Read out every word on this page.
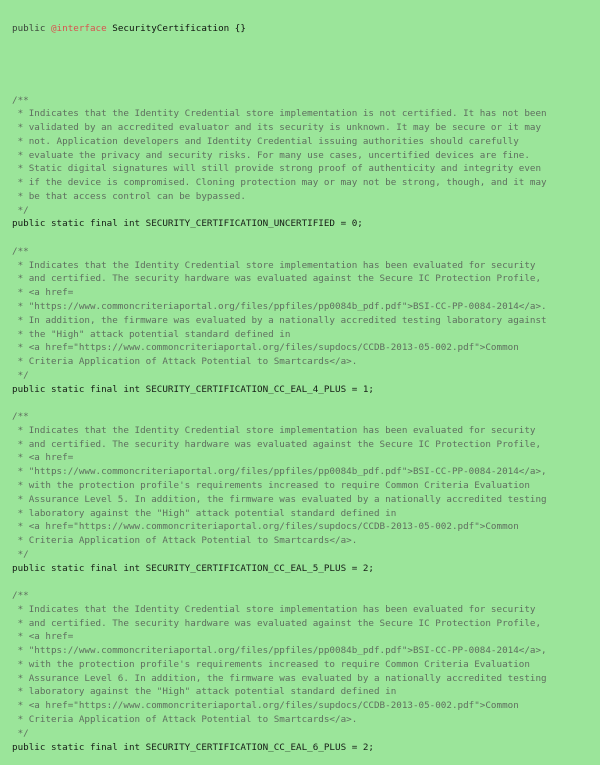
public @interface SecurityCertification {}

/**
* Indicates that the Identity Credential store implementation is not certified. It has not been
* validated by an accredited evaluator and its security is unknown. It may be secure or it may
* not. Application developers and Identity Credential issuing authorities should carefully
* evaluate the privacy and security risks. For many use cases, uncertified devices are fine.
* Static digital signatures will still provide strong proof of authenticity and integrity even
* if the device is compromised. Cloning protection may or may not be strong, though, and it may
* be that access control can be bypassed.
*/
public static final int SECURITY_CERTIFICATION_UNCERTIFIED = 0;
/**
* Indicates that the Identity Credential store implementation has been evaluated for security
* and certified. The security hardware was evaluated against the Secure IC Protection Profile,
* <a href=
* "https://www.commoncriteriaportal.org/files/ppfiles/pp0084b_pdf.pdf">BSI-CC-PP-0084-2014</a>.
* In addition, the firmware was evaluated by a nationally accredited testing laboratory against
* the "High" attack potential standard defined in
* <a href="https://www.commoncriteriaportal.org/files/supdocs/CCDB-2013-05-002.pdf">Common
* Criteria Application of Attack Potential to Smartcards</a>.
*/
public static final int SECURITY_CERTIFICATION_CC_EAL_4_PLUS = 1;
/**
* Indicates that the Identity Credential store implementation has been evaluated for security
* and certified. The security hardware was evaluated against the Secure IC Protection Profile,
* <a href=
* "https://www.commoncriteriaportal.org/files/ppfiles/pp0084b_pdf.pdf">BSI-CC-PP-0084-2014</a>,
* with the protection profile's requirements increased to require Common Criteria Evaluation
* Assurance Level 5. In addition, the firmware was evaluated by a nationally accredited testing
* laboratory against the "High" attack potential standard defined in
* <a href="https://www.commoncriteriaportal.org/files/supdocs/CCDB-2013-05-002.pdf">Common
* Criteria Application of Attack Potential to Smartcards</a>.
*/
public static final int SECURITY_CERTIFICATION_CC_EAL_5_PLUS = 2;
/**
* Indicates that the Identity Credential store implementation has been evaluated for security
* and certified. The security hardware was evaluated against the Secure IC Protection Profile,
* <a href=
* "https://www.commoncriteriaportal.org/files/ppfiles/pp0084b_pdf.pdf">BSI-CC-PP-0084-2014</a>,
* with the protection profile's requirements increased to require Common Criteria Evaluation
* Assurance Level 6. In addition, the firmware was evaluated by a nationally accredited testing
* laboratory against the "High" attack potential standard defined in
* <a href="https://www.commoncriteriaportal.org/files/supdocs/CCDB-2013-05-002.pdf">Common
* Criteria Application of Attack Potential to Smartcards</a>.
*/
public static final int SECURITY_CERTIFICATION_CC_EAL_6_PLUS = 2;
